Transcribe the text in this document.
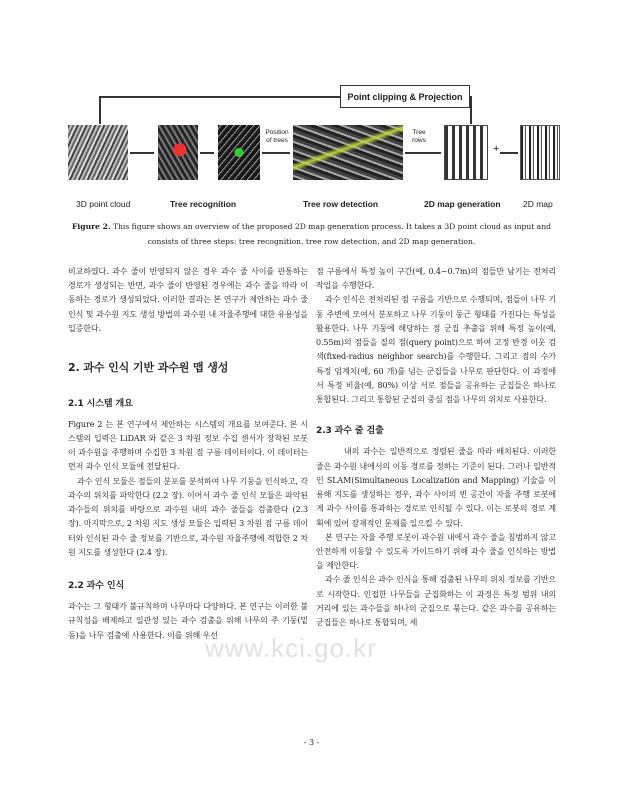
Point clipping & Projection
Position
of trees
Tree
rows
+
3D point cloud	Tree recognition	Tree row detection	2D map generation	2D map
Figure 2. This figure shows an overview of the proposed 2D map generation process. It takes a 3D point cloud as input and consists of three steps: tree recognition, tree row detection, and 2D map generation.

비교하였다. 과수 줄이 반영되지 않은 경우 과수 줄 사이를 관통하는 경로가 생성되는 반면, 과수 줄이 반영된 경우에는 과수 줄을 따라 이동하는 경로가 생성되었다. 이러한 결과는 본 연구가 제안하는 과수 줄 인식 및 과수원 지도 생성 방법의 과수원 내 자율주행에 대한 유용성을 입증한다.

2. 과수 인식 기반 과수원 맵 생성
2.1 시스템 개요

Figure 2 는 본 연구에서 제안하는 시스템의 개요를 보여준다. 본 시스템의 입력은 LiDAR 와 같은 3 차원 정보 수집 센서가 장착된 로봇이 과수원을 주행하며 수집한 3 차원 점 구름 데이터이다. 이 데이터는 먼저 과수 인식 모듈에 전달된다.

과수 인식 모듈은 점들의 분포를 분석하여 나무 기둥을 인식하고, 각 과수의 위치를 파악한다 (2.2 장). 이어서 과수 줄 인식 모듈은 파악된 과수들의 위치를 바탕으로 과수원 내의 과수 줄들을 검출한다 (2.3 장). 마지막으로, 2 차원 지도 생성 모듈은 입력된 3 차원 점 구름 데이터와 인식된 과수 줄 정보를 기반으로, 과수원 자율주행에 적합한 2 차원 지도를 생성한다 (2.4 장).

2.2 과수 인식

과수는 그 형태가 불규칙하며 나무마다 다양하다. 본 연구는 이러한 불규칙성을 배제하고 일관성 있는 과수 검출을 위해 나무의 주 기둥(밑동)을 나무 검출에 사용한다. 이를 위해 우선

점 구름에서 특정 높이 구간(예, 0.4~0.7m)의 점들만 남기는 전처리 작업을 수행한다.

과수 인식은 전처리된 점 구름을 기반으로 수행되며, 점들이 나무 기둥 주변에 모여서 분포하고 나무 기둥이 둥근 형태를 가진다는 특성을 활용한다. 나무 기둥에 해당하는 점 군집 추출을 위해 특정 높이(예, 0.55m)의 점들을 질의 점(query point)으로 하여 고정 반경 이웃 검색(fixed-radius neighbor search)를 수행한다. 그리고 점의 수가 특정 임계치(예, 60 개)를 넘는 군집들을 나무로 판단한다. 이 과정에서 특정 비율(예, 80%) 이상 서로 점들을 공유하는 군집들은 하나로 통합된다. 그리고 통합된 군집의 중심 점을 나무의 위치로 사용한다.

2.3 과수 줄 검출

내의 과수는 일반적으로 정렬된 줄을 따라 배치된다. 이러한 줄은 과수원 내에서의 이동 경로를 정하는 기준이 된다. 그러나 일반적인 SLAM(Simultaneous Localization and Mapping) 기술을 이용해 지도를 생성하는 경우, 과수 사이의 빈 공간이 자율 주행 로봇에게 과수 사이를 통과하는 경로로 인식될 수 있다. 이는 로봇의 경로 계획에 있어 잠재적인 문제를 일으킬 수 있다.

본 연구는 자율 주행 로봇이 과수원 내에서 과수 줄을 침범하지 않고 안전하게 이동할 수 있도록 가이드하기 위해 과수 줄을 인식하는 방법을 제안한다.

과수 줄 인식은 과수 인식을 통해 검출된 나무의 위치 정보를 기반으로 시작한다. 인접한 나무들을 군집화하는 이 과정은 특정 범위 내의 거리에 있는 과수들을 하나의 군집으로 묶는다. 같은 과수를 공유하는 군집들은 하나로 통합되며, 세

www.kci.go.kr
- 3 -
